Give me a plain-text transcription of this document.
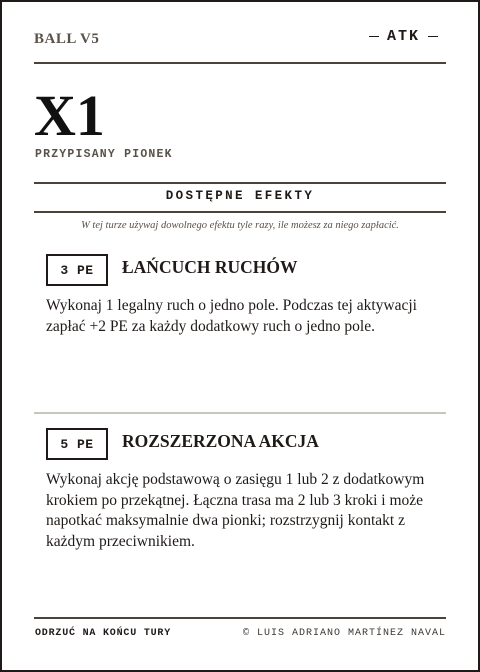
BALL V5	ATK
X1
PRZYPISANY PIONEK
DOSTĘPNE EFEKTY
W tej turze używaj dowolnego efektu tyle razy, ile możesz za niego zapłacić.
3 PE	ŁAŃCUCH RUCHÓW
Wykonaj 1 legalny ruch o jedno pole. Podczas tej aktywacji zapłać +2 PE za każdy dodatkowy ruch o jedno pole.
5 PE	ROZSZERZONA AKCJA
Wykonaj akcję podstawową o zasięgu 1 lub 2 z dodatkowym krokiem po przekątnej. Łączna trasa ma 2 lub 3 kroki i może napotkać maksymalnie dwa pionki; rozstrzygnij kontakt z każdym przeciwnikiem.
ODRZUĆ NA KOŃCU TURY	© LUIS ADRIANO MARTÍNEZ NAVAL
